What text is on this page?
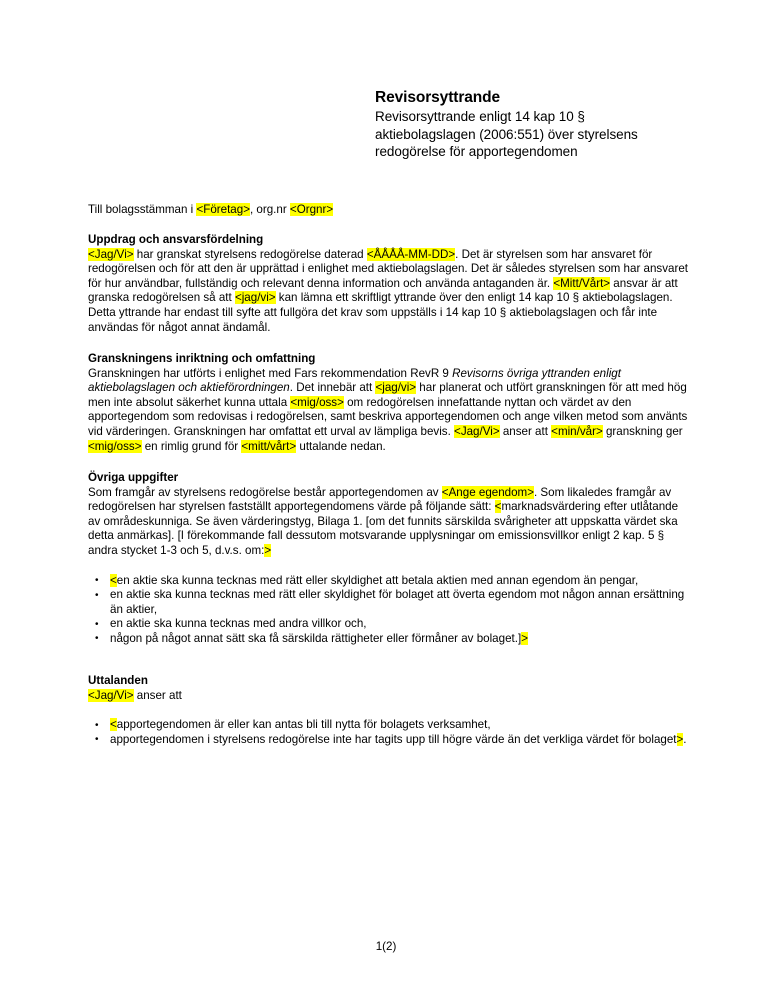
Revisorsyttrande

Revisorsyttrande enligt 14 kap 10 § aktiebolagslagen (2006:551) över styrelsens redogörelse för apportegendomen

Till bolagsstämman i <Företag>, org.nr <Orgnr>
Uppdrag och ansvarsfördelning

<Jag/Vi> har granskat styrelsens redogörelse daterad <ÅÅÅÅ-MM-DD>. Det är styrelsen som har ansvaret för redogörelsen och för att den är upprättad i enlighet med aktiebolagslagen. Det är således styrelsen som har ansvaret för hur användbar, fullständig och relevant denna information och använda antaganden är. <Mitt/Vårt> ansvar är att granska redogörelsen så att <jag/vi> kan lämna ett skriftligt yttrande över den enligt 14 kap 10 § aktiebolagslagen. Detta yttrande har endast till syfte att fullgöra det krav som uppställs i 14 kap 10 § aktiebolagslagen och får inte användas för något annat ändamål.

Granskningens inriktning och omfattning

Granskningen har utförts i enlighet med Fars rekommendation RevR 9 Revisorns övriga yttranden enligt aktiebolagslagen och aktieförordningen. Det innebär att <jag/vi> har planerat och utfört granskningen för att med hög men inte absolut säkerhet kunna uttala <mig/oss> om redogörelsen innefattande nyttan och värdet av den apportegendom som redovisas i redogörelsen, samt beskriva apportegendomen och ange vilken metod som använts vid värderingen. Granskningen har omfattat ett urval av lämpliga bevis. <Jag/Vi> anser att <min/vår> granskning ger <mig/oss> en rimlig grund för <mitt/vårt> uttalande nedan.

Övriga uppgifter

Som framgår av styrelsens redogörelse består apportegendomen av <Ange egendom>. Som likaledes framgår av redogörelsen har styrelsen fastställt apportegendomens värde på följande sätt: <marknadsvärdering efter utlåtande av områdeskunniga. Se även värderingstyg, Bilaga 1. [om det funnits särskilda svårigheter att uppskatta värdet ska detta anmärkas]. [I förekommande fall dessutom motsvarande upplysningar om emissionsvillkor enligt 2 kap. 5 § andra stycket 1-3 och 5, d.v.s. om:>

• <en aktie ska kunna tecknas med rätt eller skyldighet att betala aktien med annan egendom än pengar,
• en aktie ska kunna tecknas med rätt eller skyldighet för bolaget att överta egendom mot någon annan ersättning än aktier,
• en aktie ska kunna tecknas med andra villkor och,
• någon på något annat sätt ska få särskilda rättigheter eller förmåner av bolaget.]>
Uttalanden

<Jag/Vi> anser att

• <apportegendomen är eller kan antas bli till nytta för bolagets verksamhet,
• apportegendomen i styrelsens redogörelse inte har tagits upp till högre värde än det verkliga värdet för bolaget>.
1(2)
